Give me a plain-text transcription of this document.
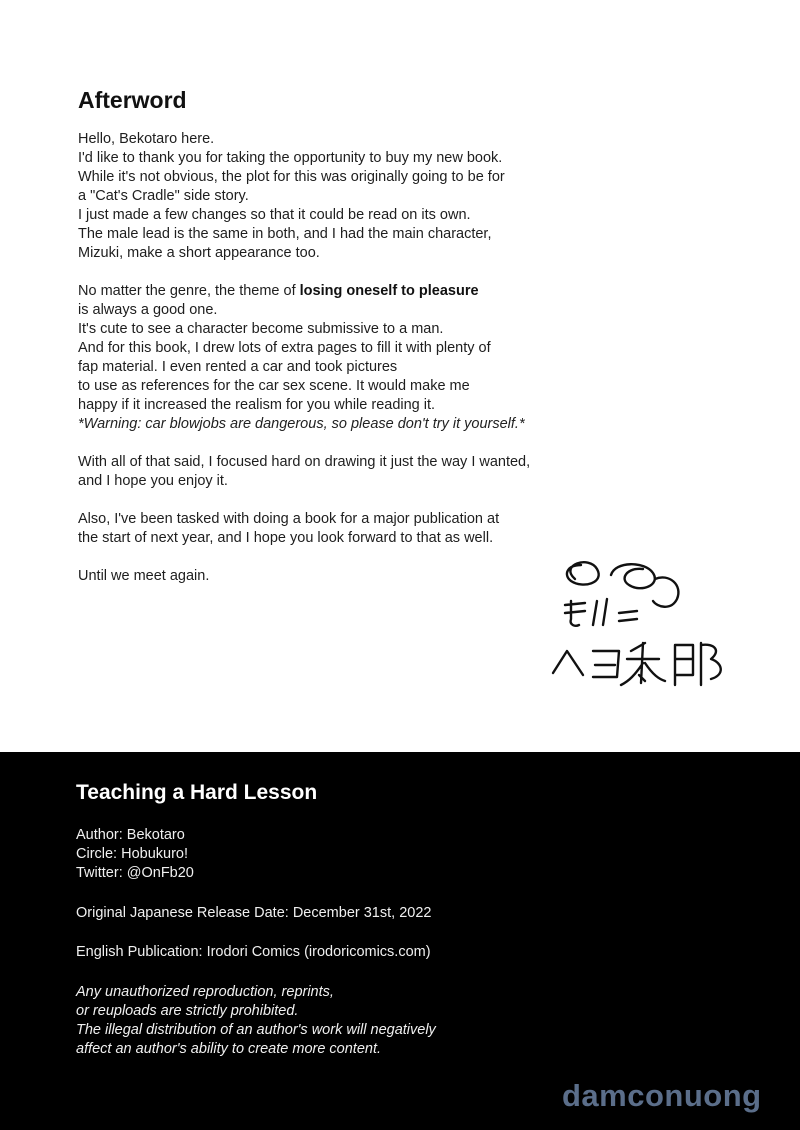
Afterword

Hello, Bekotaro here.

I'd like to thank you for taking the opportunity to buy my new book.

While it's not obvious, the plot for this was originally going to be for

a "Cat's Cradle" side story.

I just made a few changes so that it could be read on its own.

The male lead is the same in both, and I had the main character,

Mizuki, make a short appearance too.

No matter the genre, the theme of losing oneself to pleasure

is always a good one.

It's cute to see a character become submissive to a man.

And for this book, I drew lots of extra pages to fill it with plenty of

fap material. I even rented a car and took pictures

to use as references for the car sex scene. It would make me

happy if it increased the realism for you while reading it.

*Warning: car blowjobs are dangerous, so please don't try it yourself.*

With all of that said, I focused hard on drawing it just the way I wanted,

and I hope you enjoy it.

Also, I've been tasked with doing a book for a major publication at

the start of next year, and I hope you look forward to that as well.

Until we meet again.

Teaching a Hard Lesson

Author: Bekotaro

Circle: Hobukuro!

Twitter: @OnFb20

Original Japanese Release Date: December 31st, 2022

English Publication: Irodori Comics (irodoricomics.com)

Any unauthorized reproduction, reprints,

or reuploads are strictly prohibited.

The illegal distribution of an author's work will negatively

affect an author's ability to create more content.

damconuong
